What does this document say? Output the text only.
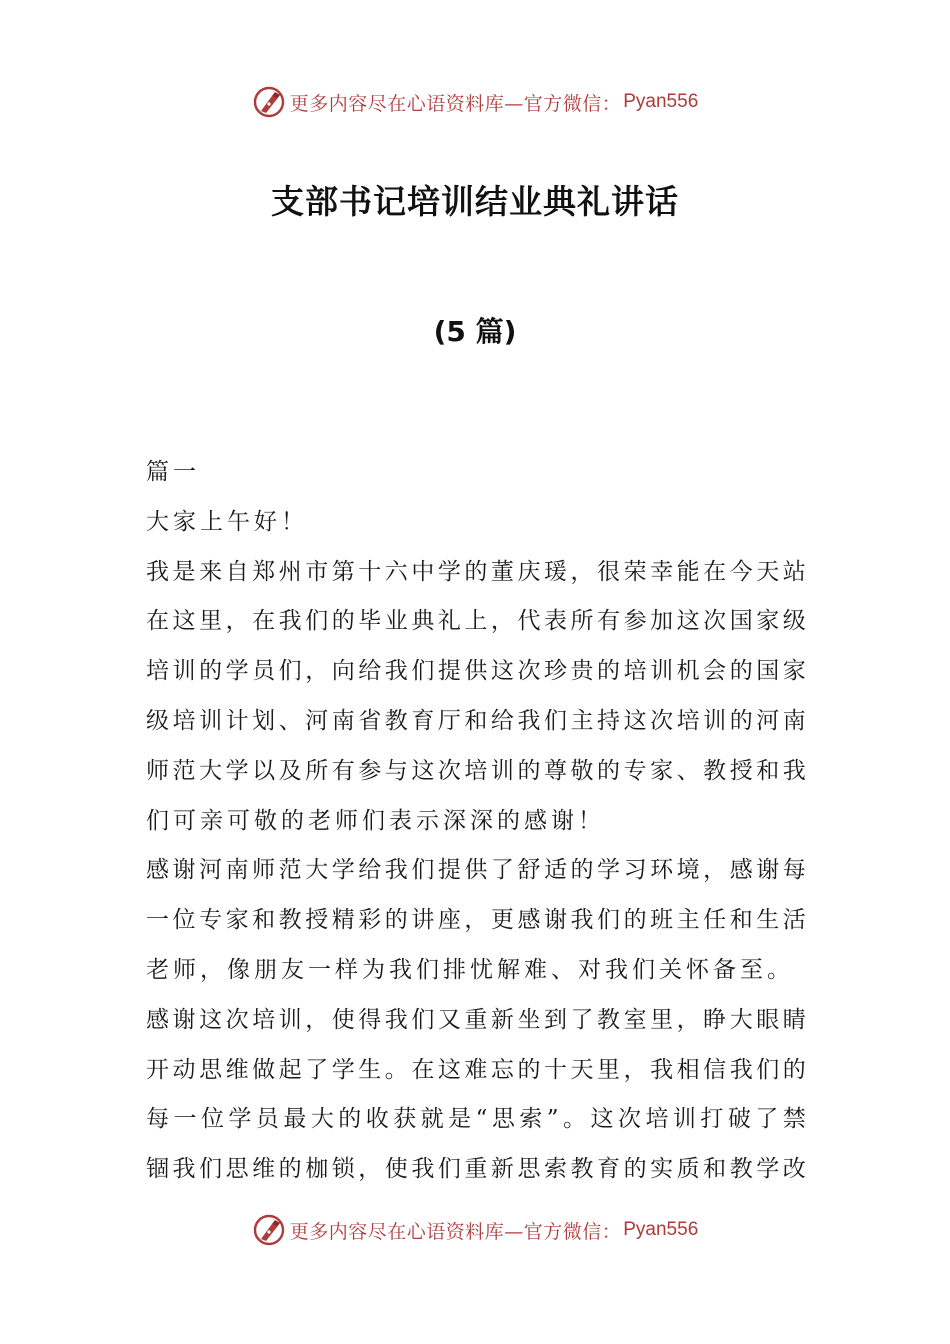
更多内容尽在心语资料库—官方微信： Pyan556
支部书记培训结业典礼讲话
(5 篇)
篇一
大家上午好！
我 是 来 自 郑 州 市 第 十 六 中 学 的 董 庆 瑗 ， 很 荣 幸 能 在 今 天 站
在 这 里 ， 在 我 们 的 毕 业 典 礼 上 ， 代 表 所 有 参 加 这 次 国 家 级
培 训 的 学 员 们 ， 向 给 我 们 提 供 这 次 珍 贵 的 培 训 机 会 的 国 家
级 培 训 计 划 、 河 南 省 教 育 厅 和 给 我 们 主 持 这 次 培 训 的 河 南
师 范 大 学 以 及 所 有 参 与 这 次 培 训 的 尊 敬 的 专 家 、 教 授 和 我
们可亲可敬的老师们表示深深的感谢！
感 谢 河 南 师 范 大 学 给 我 们 提 供 了 舒 适 的 学 习 环 境 ， 感 谢 每
一 位 专 家 和 教 授 精 彩 的 讲 座 ， 更 感 谢 我 们 的 班 主 任 和 生 活
老师，像朋友一样为我们排忧解难、对我们关怀备至。
感 谢 这 次 培 训 ， 使 得 我 们 又 重 新 坐 到 了 教 室 里 ， 睁 大 眼 睛
开 动 思 维 做 起 了 学 生 。 在 这 难 忘 的 十 天 里 ， 我 相 信 我 们 的
每 一 位 学 员 最 大 的 收 获 就 是 “ 思 索 ” 。 这 次 培 训 打 破 了 禁
锢 我 们 思 维 的 枷 锁 ， 使 我 们 重 新 思 索 教 育 的 实 质 和 教 学 改
更多内容尽在心语资料库—官方微信： Pyan556
